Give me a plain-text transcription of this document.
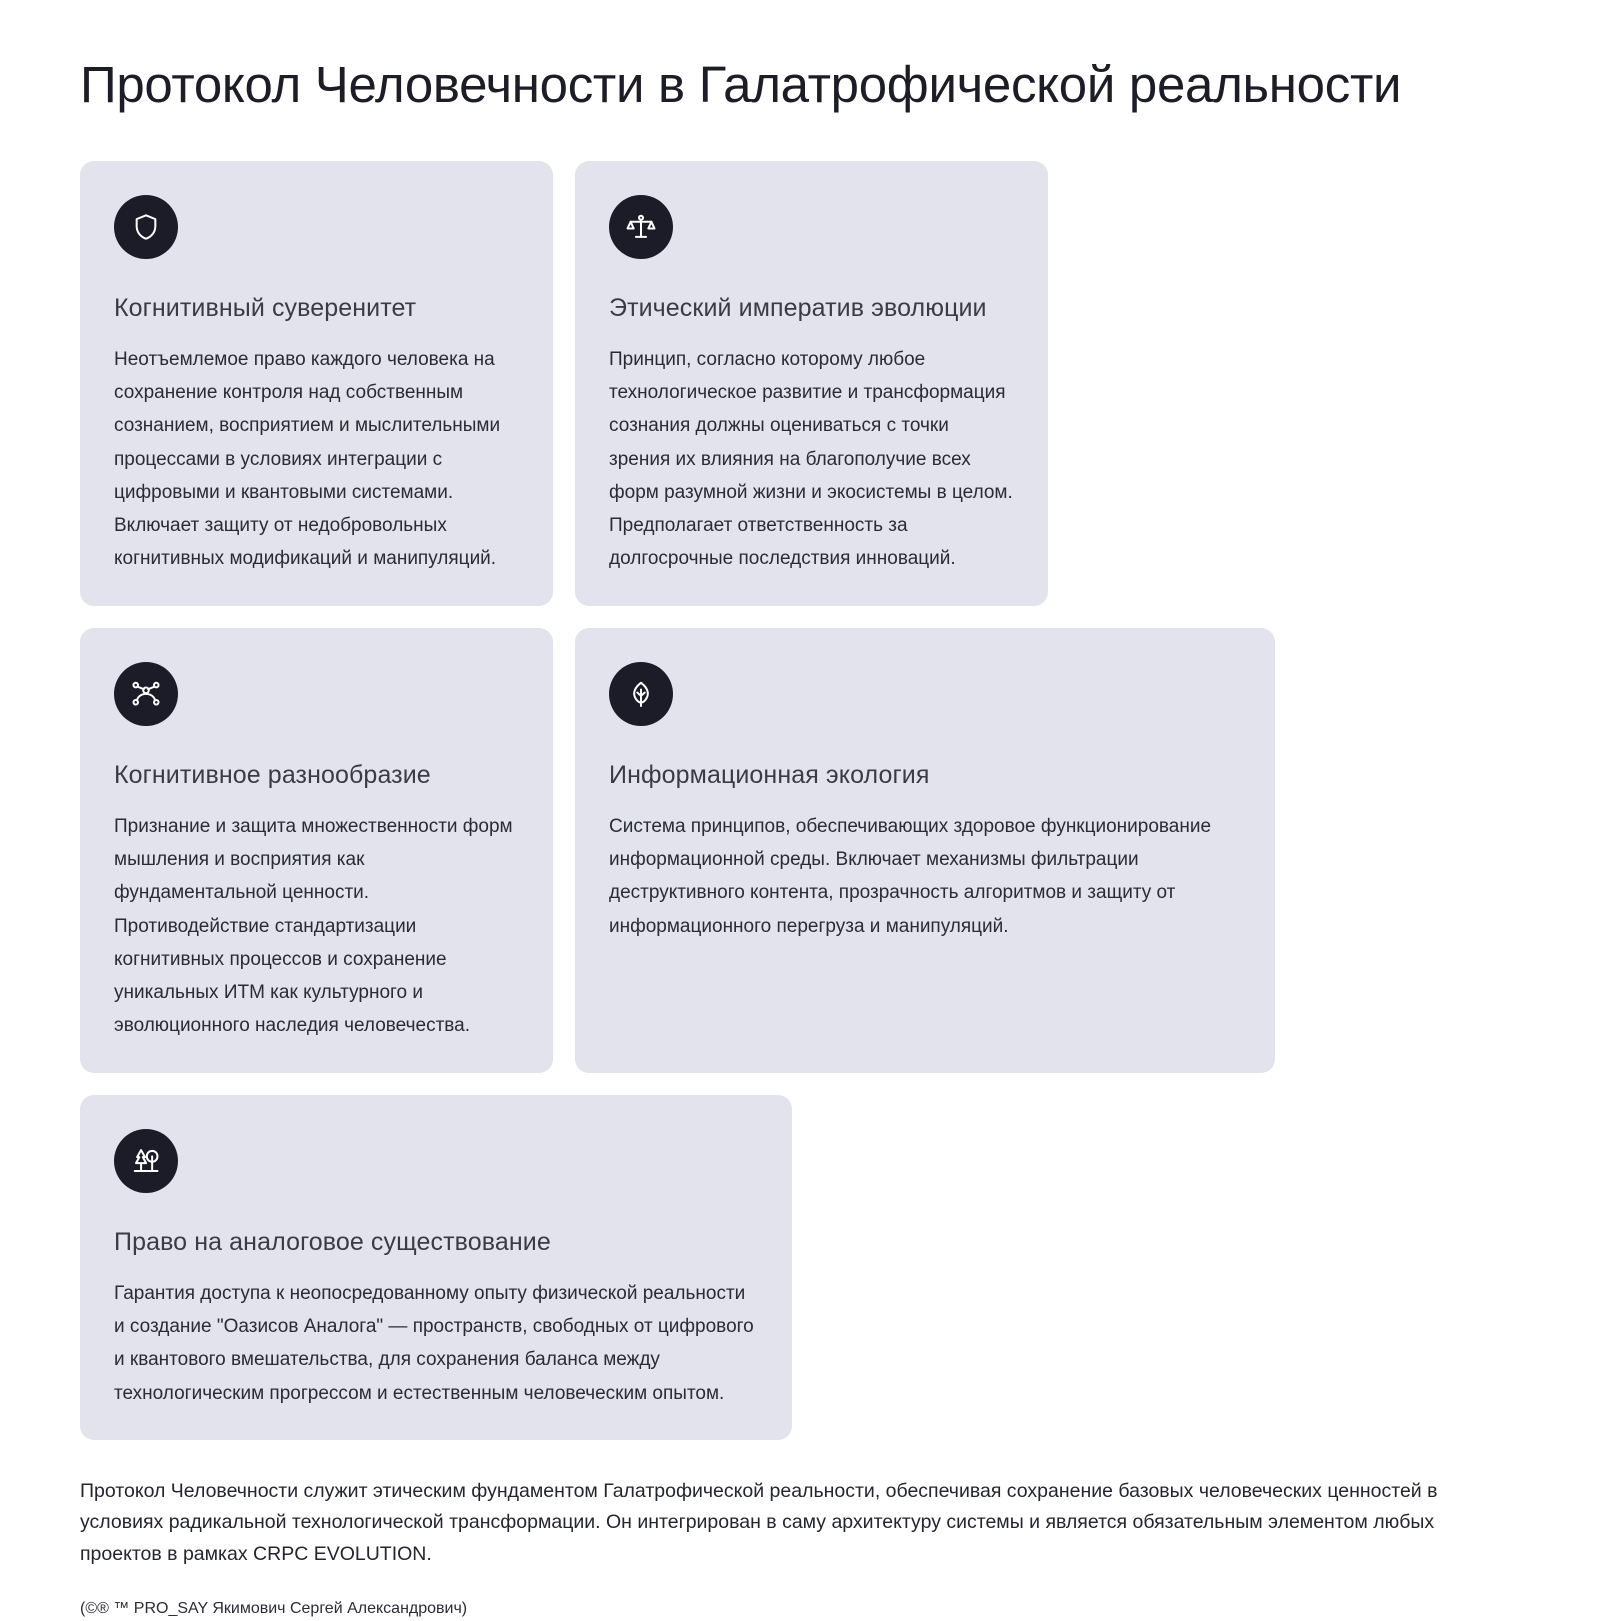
Протокол Человечности в Галатрофической реальности
Когнитивный суверенитет
Неотъемлемое право каждого человека на сохранение контроля над собственным сознанием, восприятием и мыслительными процессами в условиях интеграции с цифровыми и квантовыми системами. Включает защиту от недобровольных когнитивных модификаций и манипуляций.
Этический императив эволюции
Принцип, согласно которому любое технологическое развитие и трансформация сознания должны оцениваться с точки зрения их влияния на благополучие всех форм разумной жизни и экосистемы в целом. Предполагает ответственность за долгосрочные последствия инноваций.
Когнитивное разнообразие
Признание и защита множественности форм мышления и восприятия как фундаментальной ценности. Противодействие стандартизации когнитивных процессов и сохранение уникальных ИТМ как культурного и эволюционного наследия человечества.
Информационная экология
Система принципов, обеспечивающих здоровое функционирование информационной среды. Включает механизмы фильтрации деструктивного контента, прозрачность алгоритмов и защиту от информационного перегруза и манипуляций.
Право на аналоговое существование
Гарантия доступа к неопосредованному опыту физической реальности и создание "Оазисов Аналога" — пространств, свободных от цифрового и квантового вмешательства, для сохранения баланса между технологическим прогрессом и естественным человеческим опытом.

Протокол Человечности служит этическим фундаментом Галатрофической реальности, обеспечивая сохранение базовых человеческих ценностей в условиях радикальной технологической трансформации. Он интегрирован в саму архитектуру системы и является обязательным элементом любых проектов в рамках CRPC EVOLUTION.

(©® ™ PRO_SAY Якимович Сергей Александрович)
